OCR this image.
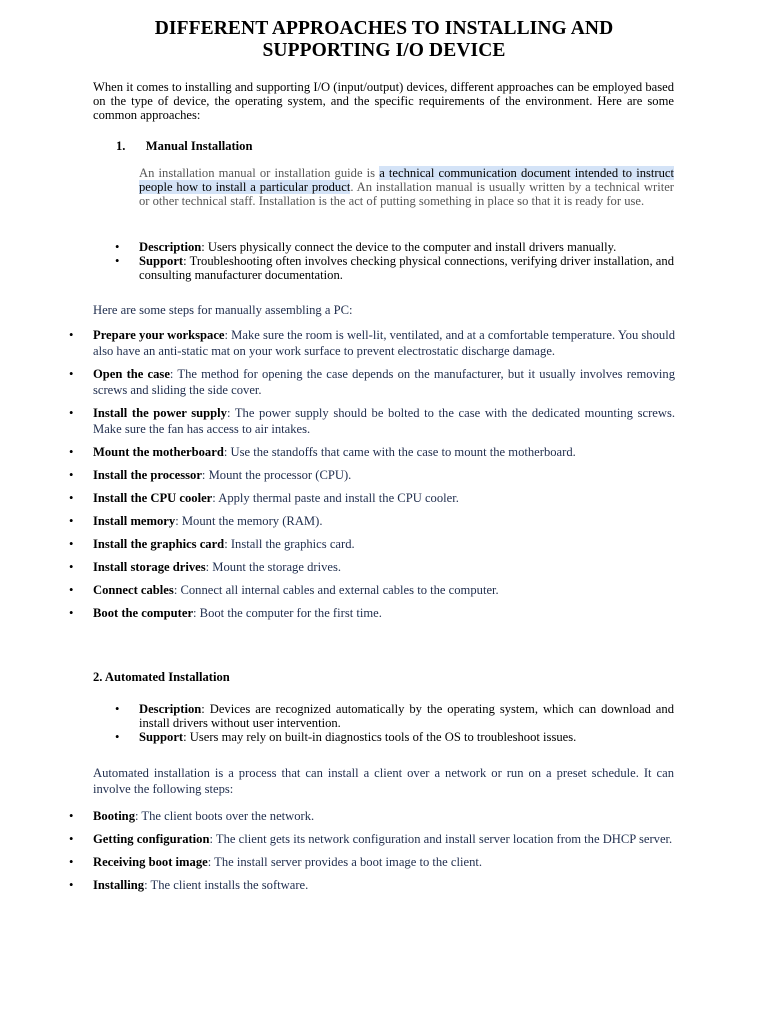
DIFFERENT APPROACHES TO INSTALLING AND SUPPORTING I/O DEVICE

When it comes to installing and supporting I/O (input/output) devices, different approaches can be employed based on the type of device, the operating system, and the specific requirements of the environment. Here are some common approaches:

1. Manual Installation

An installation manual or installation guide is a technical communication document intended to instruct people how to install a particular product. An installation manual is usually written by a technical writer or other technical staff. Installation is the act of putting something in place so that it is ready for use.

• Description: Users physically connect the device to the computer and install drivers manually.
• Support: Troubleshooting often involves checking physical connections, verifying driver installation, and consulting manufacturer documentation.

Here are some steps for manually assembling a PC:

• Prepare your workspace: Make sure the room is well-lit, ventilated, and at a comfortable temperature. You should also have an anti-static mat on your work surface to prevent electrostatic discharge damage.
• Open the case: The method for opening the case depends on the manufacturer, but it usually involves removing screws and sliding the side cover.
• Install the power supply: The power supply should be bolted to the case with the dedicated mounting screws. Make sure the fan has access to air intakes.
• Mount the motherboard: Use the standoffs that came with the case to mount the motherboard.
• Install the processor: Mount the processor (CPU).
• Install the CPU cooler: Apply thermal paste and install the CPU cooler.
• Install memory: Mount the memory (RAM).
• Install the graphics card: Install the graphics card.
• Install storage drives: Mount the storage drives.
• Connect cables: Connect all internal cables and external cables to the computer.
• Boot the computer: Boot the computer for the first time.

2. Automated Installation

• Description: Devices are recognized automatically by the operating system, which can download and install drivers without user intervention.
• Support: Users may rely on built-in diagnostics tools of the OS to troubleshoot issues.

Automated installation is a process that can install a client over a network or run on a preset schedule. It can involve the following steps:

• Booting: The client boots over the network.
• Getting configuration: The client gets its network configuration and install server location from the DHCP server.
• Receiving boot image: The install server provides a boot image to the client.
• Installing: The client installs the software.
